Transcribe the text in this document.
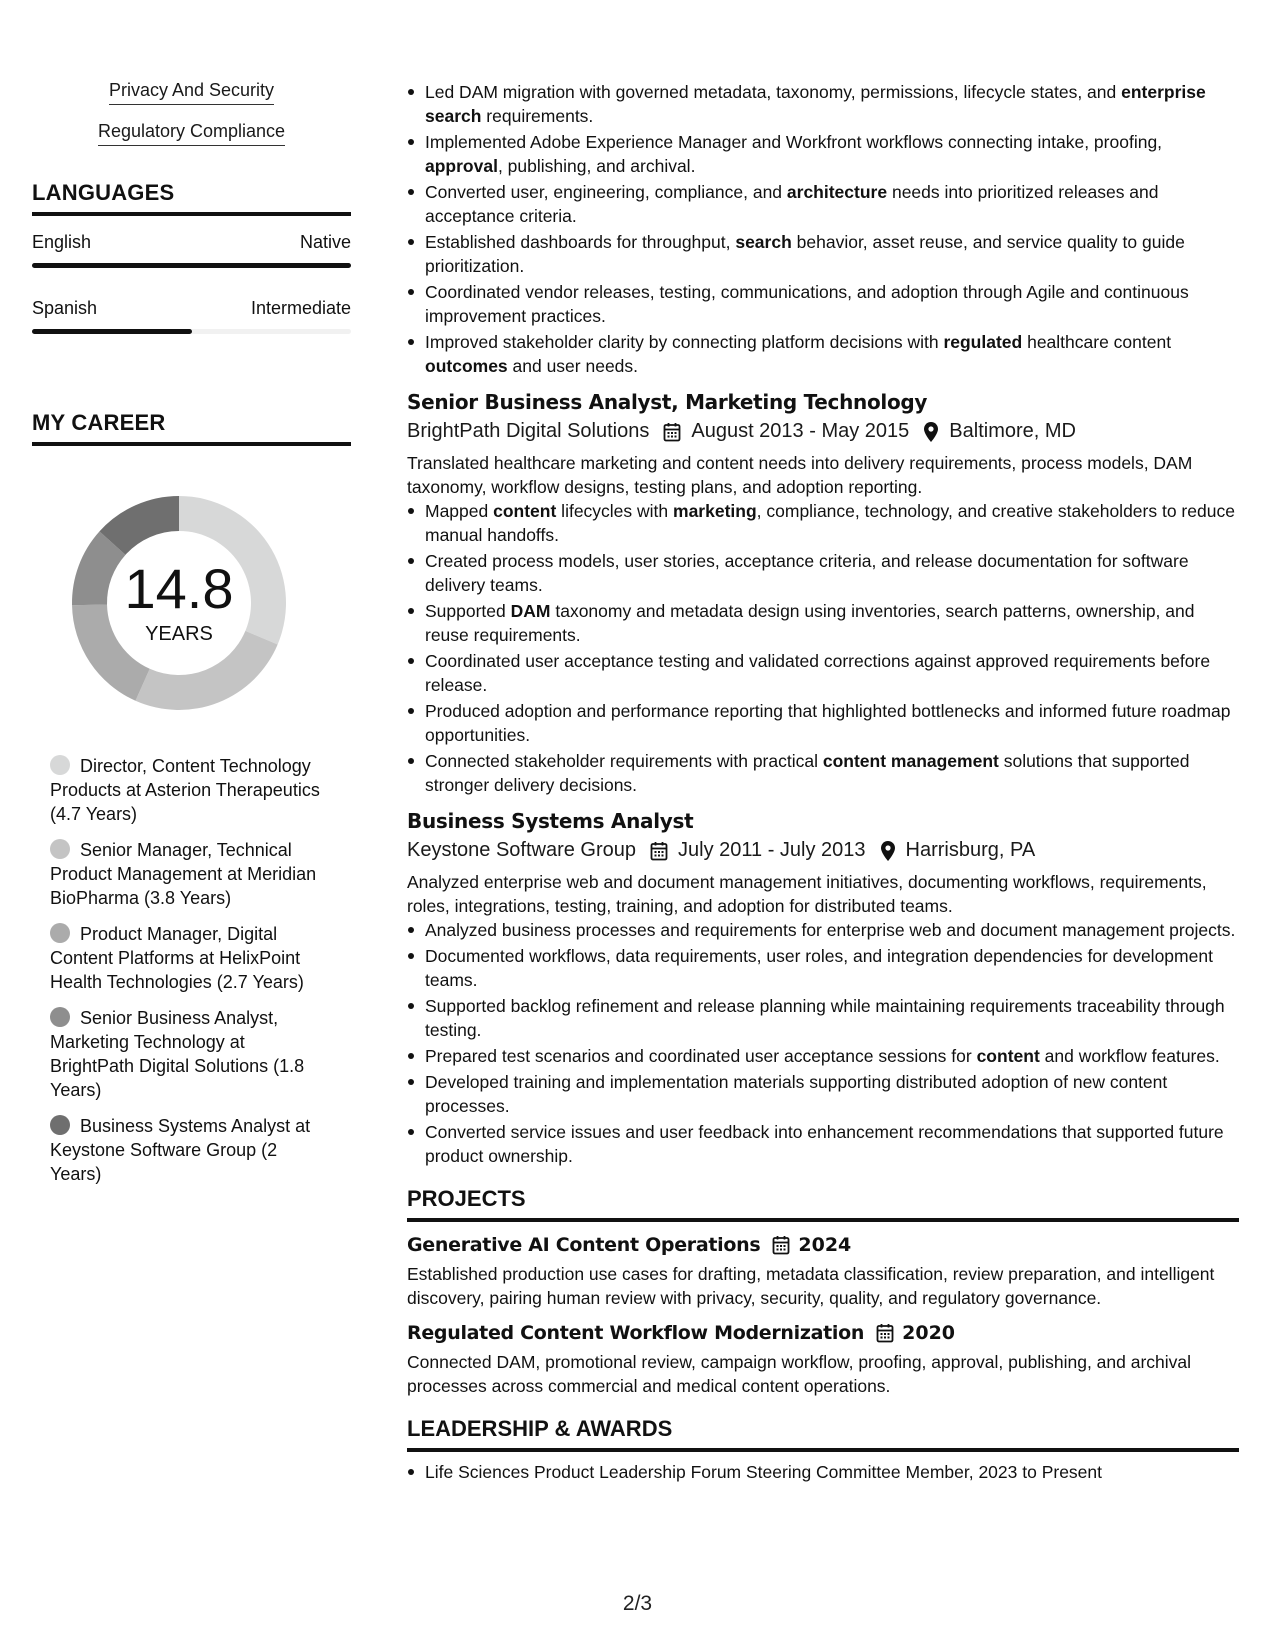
Privacy And Security
Regulatory Compliance
LANGUAGES
English	Native
Spanish	Intermediate
MY CAREER
14.8
YEARS
Director, Content Technology Products at Asterion Therapeutics (4.7 Years)
Senior Manager, Technical Product Management at Meridian BioPharma (3.8 Years)
Product Manager, Digital Content Platforms at HelixPoint Health Technologies (2.7 Years)
Senior Business Analyst, Marketing Technology at BrightPath Digital Solutions (1.8 Years)
Business Systems Analyst at Keystone Software Group (2 Years)
Led DAM migration with governed metadata, taxonomy, permissions, lifecycle states, and enterprise search requirements.
Implemented Adobe Experience Manager and Workfront workflows connecting intake, proofing, approval, publishing, and archival.
Converted user, engineering, compliance, and architecture needs into prioritized releases and acceptance criteria.
Established dashboards for throughput, search behavior, asset reuse, and service quality to guide prioritization.
Coordinated vendor releases, testing, communications, and adoption through Agile and continuous improvement practices.
Improved stakeholder clarity by connecting platform decisions with regulated healthcare content outcomes and user needs.
Senior Business Analyst, Marketing Technology
BrightPath Digital Solutions August 2013 - May 2015 Baltimore, MD
Translated healthcare marketing and content needs into delivery requirements, process models, DAM taxonomy, workflow designs, testing plans, and adoption reporting.
Mapped content lifecycles with marketing, compliance, technology, and creative stakeholders to reduce manual handoffs.
Created process models, user stories, acceptance criteria, and release documentation for software delivery teams.
Supported DAM taxonomy and metadata design using inventories, search patterns, ownership, and reuse requirements.
Coordinated user acceptance testing and validated corrections against approved requirements before release.
Produced adoption and performance reporting that highlighted bottlenecks and informed future roadmap opportunities.
Connected stakeholder requirements with practical content management solutions that supported stronger delivery decisions.
Business Systems Analyst
Keystone Software Group July 2011 - July 2013 Harrisburg, PA
Analyzed enterprise web and document management initiatives, documenting workflows, requirements, roles, integrations, testing, training, and adoption for distributed teams.
Analyzed business processes and requirements for enterprise web and document management projects.
Documented workflows, data requirements, user roles, and integration dependencies for development teams.
Supported backlog refinement and release planning while maintaining requirements traceability through testing.
Prepared test scenarios and coordinated user acceptance sessions for content and workflow features.
Developed training and implementation materials supporting distributed adoption of new content processes.
Converted service issues and user feedback into enhancement recommendations that supported future product ownership.
PROJECTS
Generative AI Content Operations 2024
Established production use cases for drafting, metadata classification, review preparation, and intelligent discovery, pairing human review with privacy, security, quality, and regulatory governance.
Regulated Content Workflow Modernization 2020
Connected DAM, promotional review, campaign workflow, proofing, approval, publishing, and archival processes across commercial and medical content operations.
LEADERSHIP & AWARDS
Life Sciences Product Leadership Forum Steering Committee Member, 2023 to Present
2/3
